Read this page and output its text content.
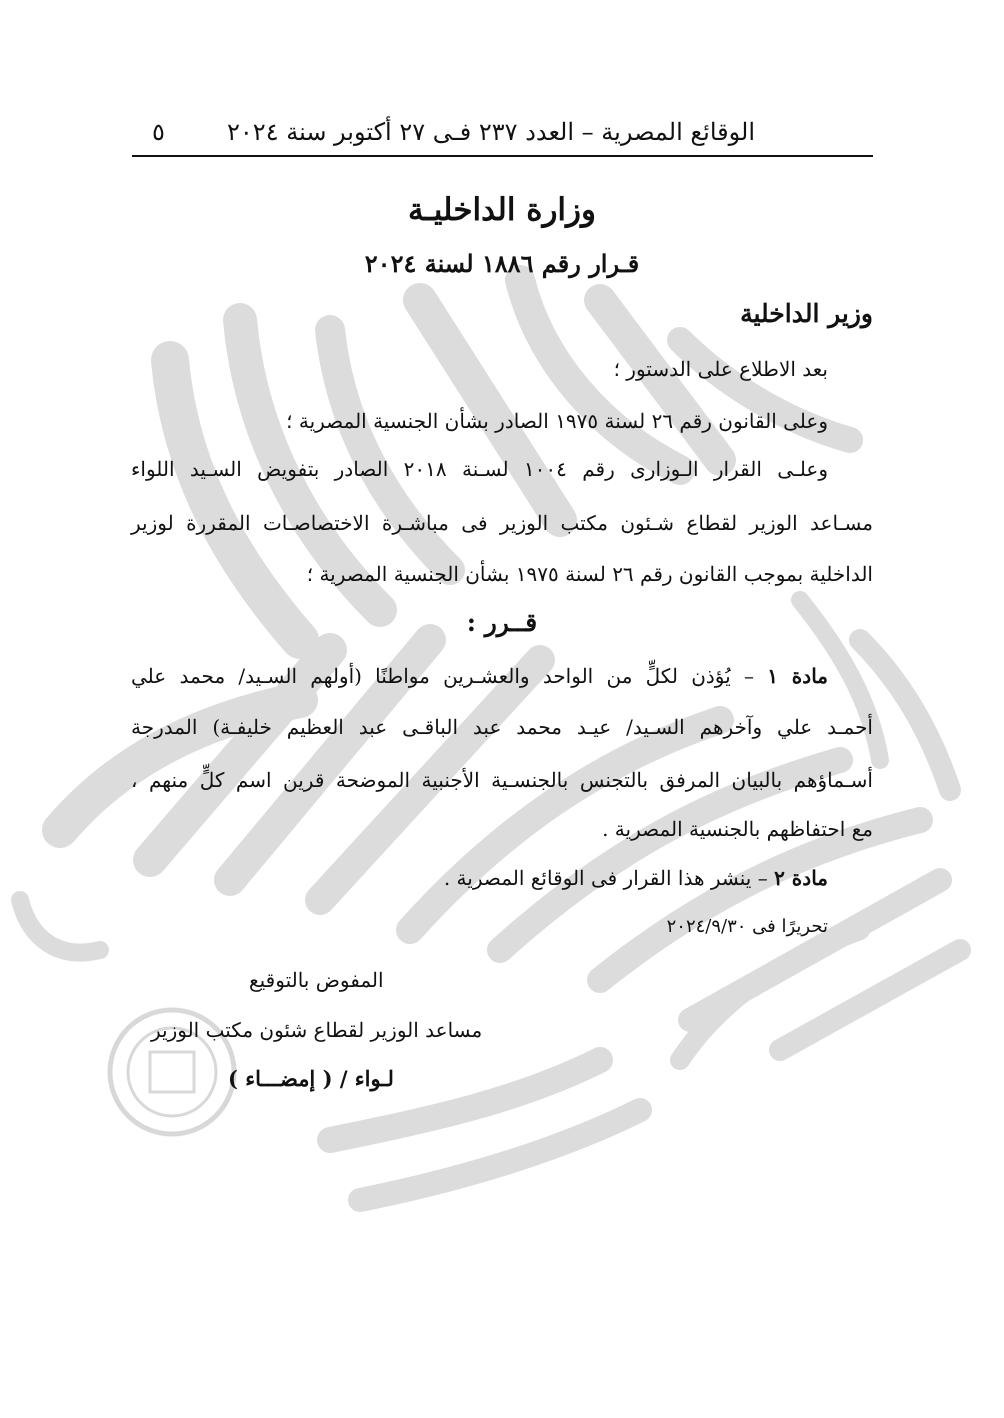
٥	الوقائع المصرية – العدد ٢٣٧ فـى ٢٧ أكتوبر سنة ٢٠٢٤
وزارة الداخليـة
قـرار رقم ١٨٨٦ لسنة ٢٠٢٤
وزير الداخلية
بعد الاطلاع على الدستور ؛
وعلى القانون رقم ٢٦ لسنة ١٩٧٥ الصادر بشأن الجنسية المصرية ؛
وعلـى القرار الـوزارى رقم ١٠٠٤ لسـنة ٢٠١٨ الصادر بتفويض السـيد اللواء
مسـاعد الوزير لقطاع شـئون مكتب الوزير فى مباشـرة الاختصاصـات المقررة لوزير
الداخلية بموجب القانون رقم ٢٦ لسنة ١٩٧٥ بشأن الجنسية المصرية ؛
قــرر :
مادة ١ – يُؤذن لكلٍّ من الواحد والعشـرين مواطنًا (أولهم السـيد/ محمد علي
أحمـد علي وآخرهم السـيد/ عيـد محمد عبد الباقـى عبد العظيم خليفـة) المدرجة
أسـماؤهم بالبيان المرفق بالتجنس بالجنسـية الأجنبية الموضحة قرين اسم كلٍّ منهم ،
مع احتفاظهم بالجنسية المصرية .
مادة ٢ – ينشر هذا القرار فى الوقائع المصرية .
تحريرًا فى ٢٠٢٤/٩/٣٠
المفوض بالتوقيع
مساعد الوزير لقطاع شئون مكتب الوزير
لـواء / ( إمضـــاء )
